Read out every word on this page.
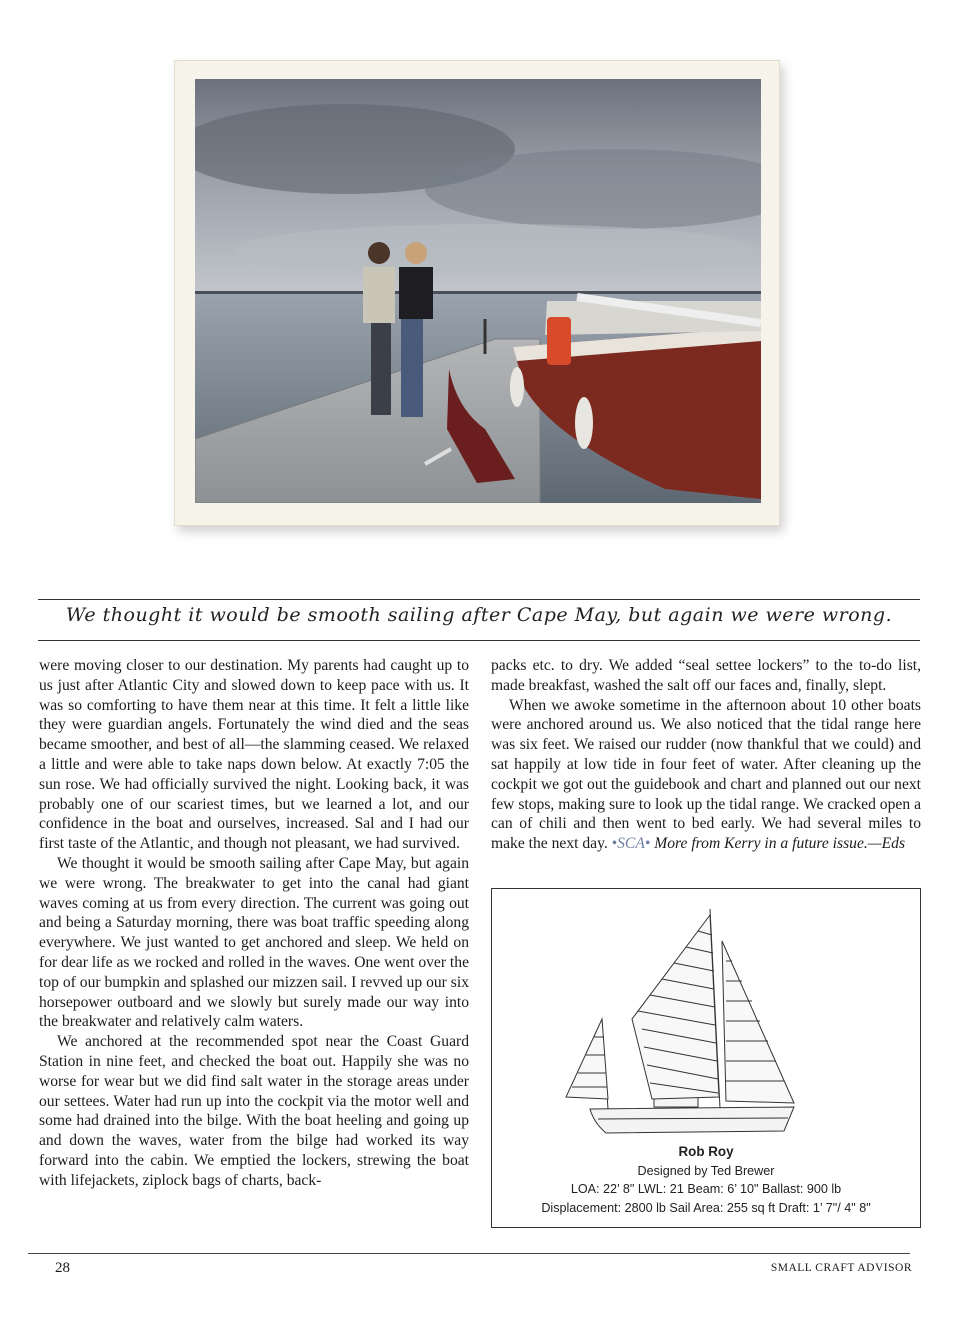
We thought it would be smooth sailing after Cape May, but again we were wrong.

were moving closer to our destination. My parents had caught up to us just after Atlantic City and slowed down to keep pace with us. It was so comforting to have them near at this time. It felt a little like they were guardian angels. Fortunately the wind died and the seas became smoother, and best of all—the slamming ceased. We relaxed a little and were able to take naps down below. At exactly 7:05 the sun rose. We had officially survived the night. Looking back, it was probably one of our scariest times, but we learned a lot, and our confidence in the boat and ourselves, increased. Sal and I had our first taste of the Atlantic, and though not pleasant, we had survived.

We thought it would be smooth sailing after Cape May, but again we were wrong. The breakwater to get into the canal had giant waves coming at us from every direction. The current was going out and being a Saturday morning, there was boat traffic speeding along everywhere. We just wanted to get anchored and sleep. We held on for dear life as we rocked and rolled in the waves. One went over the top of our bumpkin and splashed our mizzen sail. I revved up our six horsepower outboard and we slowly but surely made our way into the breakwater and relatively calm waters.

We anchored at the recommended spot near the Coast Guard Station in nine feet, and checked the boat out. Happily she was no worse for wear but we did find salt water in the storage areas under our settees. Water had run up into the cockpit via the motor well and some had drained into the bilge. With the boat heeling and going up and down the waves, water from the bilge had worked its way forward into the cabin. We emptied the lockers, strewing the boat with lifejackets, ziplock bags of charts, back-

packs etc. to dry. We added “seal settee lockers” to the to-do list, made breakfast, washed the salt off our faces and, finally, slept.

When we awoke sometime in the afternoon about 10 other boats were anchored around us. We also noticed that the tidal range here was six feet. We raised our rudder (now thankful that we could) and sat happily at low tide in four feet of water. After cleaning up the cockpit we got out the guidebook and chart and planned out our next few stops, making sure to look up the tidal range. We cracked open a can of chili and then went to bed early. We had several miles to make the next day. •SCA• More from Kerry in a future issue.—Eds

Rob Roy
Designed by Ted Brewer
LOA: 22’ 8" LWL: 21 Beam: 6’ 10" Ballast: 900 lb
Displacement: 2800 lb Sail Area: 255 sq ft Draft: 1’ 7"/ 4" 8"
28	SMALL CRAFT ADVISOR
